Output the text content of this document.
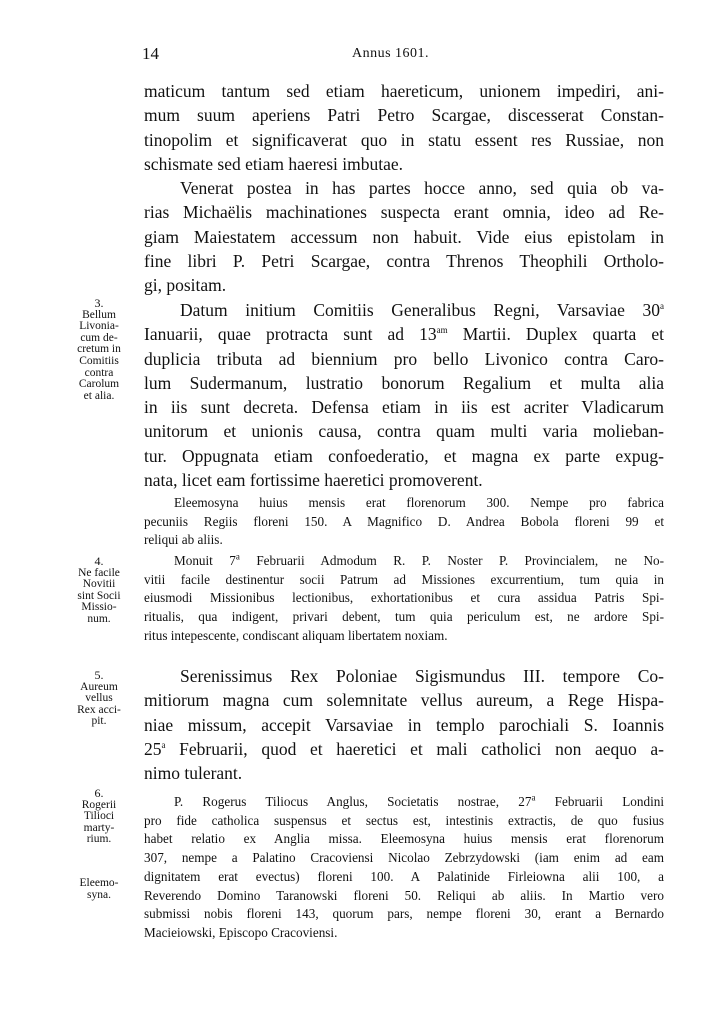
14	Annus 1601.
maticum tantum sed etiam haereticum, unionem impediri, ani-
mum suum aperiens Patri Petro Scargae, discesserat Constan-
tinopolim et significaverat quo in statu essent res Russiae, non
schismate sed etiam haeresi imbutae.
Venerat postea in has partes hocce anno, sed quia ob va-
rias Michaëlis machinationes suspecta erant omnia, ideo ad Re-
giam Maiestatem accessum non habuit. Vide eius epistolam in
fine libri P. Petri Scargae, contra Threnos Theophili Ortholo-
gi, positam.
3.
Bellum
Livonia-
cum de-
cretum in
Comitiis
contra
Carolum
et alia.
Datum initium Comitiis Generalibus Regni, Varsaviae 30$^a$
Ianuarii, quae protracta sunt ad $13^{am}$ Martii. Duplex quarta et
duplicia tributa ad biennium pro bello Livonico contra Caro-
lum Sudermanum, lustratio bonorum Regalium et multa alia
in iis sunt decreta. Defensa etiam in iis est acriter Vladicarum
unitorum et unionis causa, contra quam multi varia molieban-
tur. Oppugnata etiam confoederatio, et magna ex parte expug-
nata, licet eam fortissime haeretici promoverent.
Eleemosyna huius mensis erat florenorum 300. Nempe pro fabrica
pecuniis Regiis floreni 150. A Magnifico D. Andrea Bobola floreni 99 et
reliqui ab aliis.
4.
Ne facile
Novitii
sint Socii
Missio-
num.
Monuit 7$^a$ Februarii Admodum R. P. Noster P. Provincialem, ne No-
vitii facile destinentur socii Patrum ad Missiones excurrentium, tum quia in
eiusmodi Missionibus lectionibus, exhortationibus et cura assidua Patris Spi-
ritualis, qua indigent, privari debent, tum quia periculum est, ne ardore Spi-
ritus intepescente, condiscant aliquam libertatem noxiam.
5.
Aureum
vellus
Rex acci-
pit.
Serenissimus Rex Poloniae Sigismundus III. tempore Co-
mitiorum magna cum solemnitate vellus aureum, a Rege Hispa-
niae missum, accepit Varsaviae in templo parochiali S. Ioannis
25$^a$ Februarii, quod et haeretici et mali catholici non aequo a-
nimo tulerant.
6.
Rogerii
Tilioci
marty-
rium.
Eleemo-
syna.
P. Rogerus Tiliocus Anglus, Societatis nostrae, 27$^a$ Februarii Londini
pro fide catholica suspensus et sectus est, intestinis extractis, de quo fusius
habet relatio ex Anglia missa. Eleemosyna huius mensis erat florenorum
307, nempe a Palatino Cracoviensi Nicolao Zebrzydowski (iam enim ad eam
dignitatem erat evectus) floreni 100. A Palatinide Firleiowna alii 100, a
Reverendo Domino Taranowski floreni 50. Reliqui ab aliis. In Martio vero
submissi nobis floreni 143, quorum pars, nempe floreni 30, erant a Bernardo
Macieiowski, Episcopo Cracoviensi.
